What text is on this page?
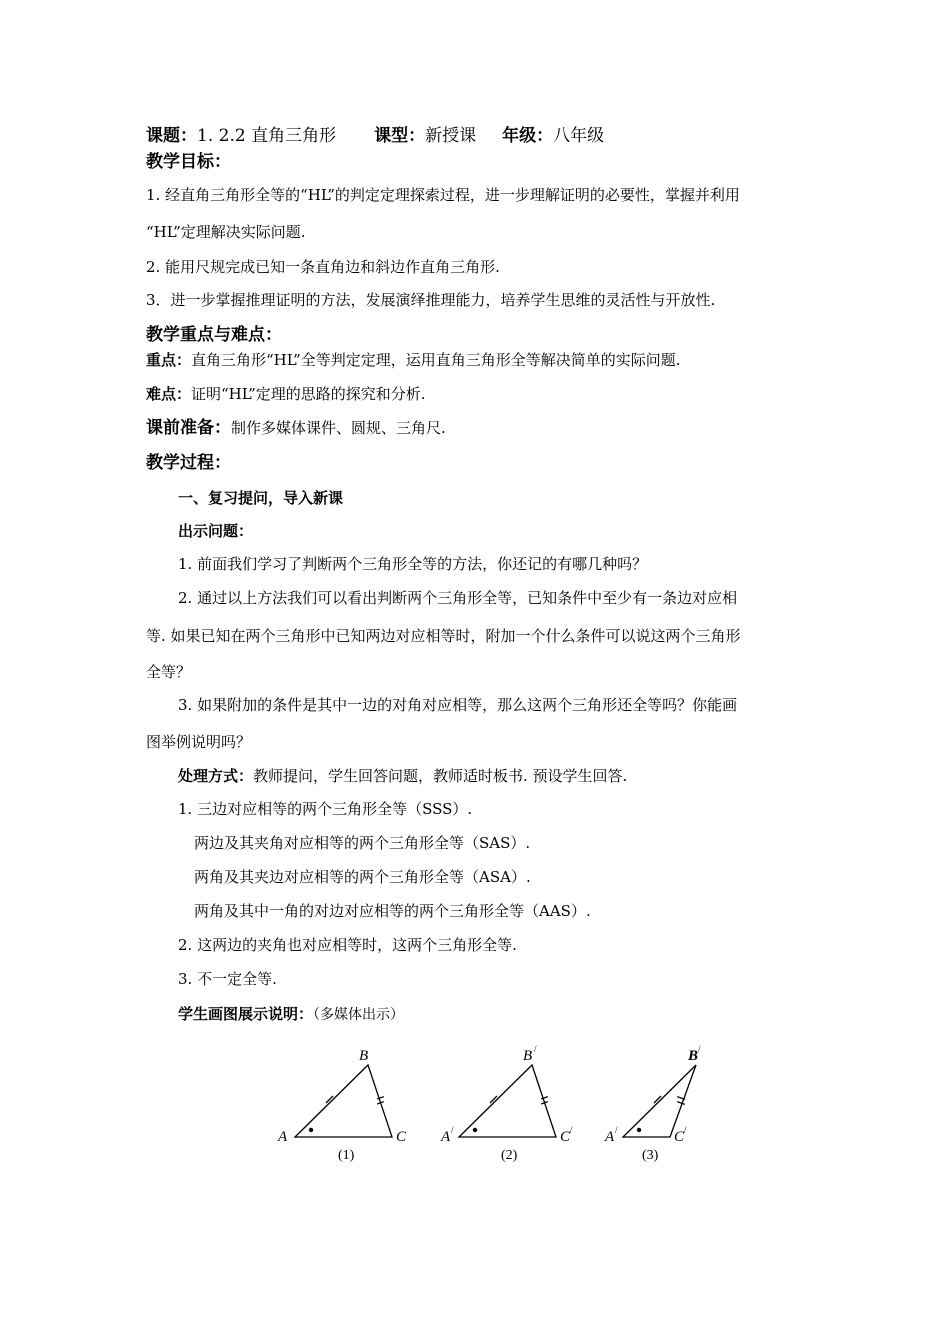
课题：1. 2.2 直角三角形 课型：新授课 年级：八年级
教学目标：
1. 经直角三角形全等的“HL”的判定定理探索过程，进一步理解证明的必要性，掌握并利用
“HL”定理解决实际问题.
2. 能用尺规完成已知一条直角边和斜边作直角三角形.
3．进一步掌握推理证明的方法，发展演绎推理能力，培养学生思维的灵活性与开放性.
教学重点与难点：
重点：直角三角形“HL”全等判定定理，运用直角三角形全等解决简单的实际问题.
难点：证明“HL”定理的思路的探究和分析.
课前准备：制作多媒体课件、圆规、三角尺.
教学过程：
一、复习提问，导入新课
出示问题：
1. 前面我们学习了判断两个三角形全等的方法，你还记的有哪几种吗？
2. 通过以上方法我们可以看出判断两个三角形全等，已知条件中至少有一条边对应相
等. 如果已知在两个三角形中已知两边对应相等时，附加一个什么条件可以说这两个三角形
全等？
3. 如果附加的条件是其中一边的对角对应相等，那么这两个三角形还全等吗？你能画
图举例说明吗？
处理方式：教师提问，学生回答问题，教师适时板书. 预设学生回答.
1. 三边对应相等的两个三角形全等（SSS）.
两边及其夹角对应相等的两个三角形全等（SAS）.
两角及其夹边对应相等的两个三角形全等（ASA）.
两角及其中一角的对边对应相等的两个三角形全等（AAS）.
2. 这两边的夹角也对应相等时，这两个三角形全等.
3. 不一定全等.
学生画图展示说明：（多媒体出示）
B
A	C
B /
A /	C /
B /
A /	C /
(1)	(2)	(3)
